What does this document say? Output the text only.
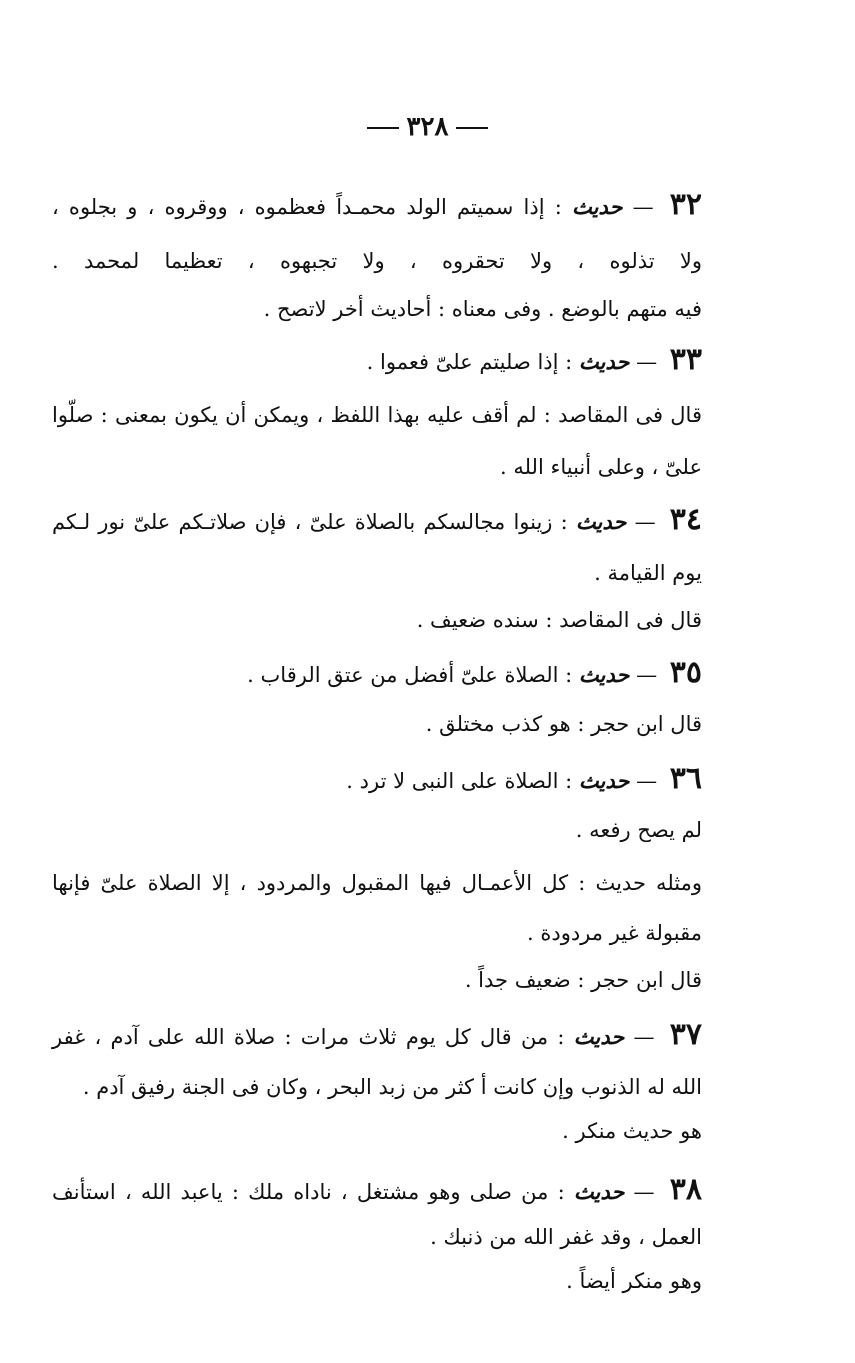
٣٢٨
٣٢ — حديث : إذا سميتم الولد محمـداً فعظموه ، ووقروه ، و بجلوه ،
ولا تذلوه ، ولا تحقروه ، ولا تجبهوه ، تعظيما لمحمد .
فيه متهم بالوضع . وفى معناه : أحاديث أخر لاتصح .
٣٣ — حديث : إذا صليتم علىّ فعموا .
قال فى المقاصد : لم أقف عليه بهذا اللفظ ، ويمكن أن يكون بمعنى : صلّوا
علىّ ، وعلى أنبياء الله .
٣٤ — حديث : زينوا مجالسكم بالصلاة علىّ ، فإن صلاتـكم علىّ نور لـكم
يوم القيامة .
قال فى المقاصد : سنده ضعيف .
٣٥ — حديث : الصلاة علىّ أفضل من عتق الرقاب .
قال ابن حجر : هو كذب مختلق .
٣٦ — حديث : الصلاة على النبى لا ترد .
لم يصح رفعه .
ومثله حديث : كل الأعمـال فيها المقبول والمردود ، إلا الصلاة علىّ فإنها
مقبولة غير مردودة .
قال ابن حجر : ضعيف جداً .
٣٧ — حديث : من قال كل يوم ثلاث مرات : صلاة الله على آدم ، غفر
الله له الذنوب وإن كانت أ كثر من زبد البحر ، وكان فى الجنة رفيق آدم .
هو حديث منكر .
٣٨ — حديث : من صلى وهو مشتغل ، ناداه ملك : ياعبد الله ، استأنف
العمل ، وقد غفر الله من ذنبك .
وهو منكر أيضاً .
